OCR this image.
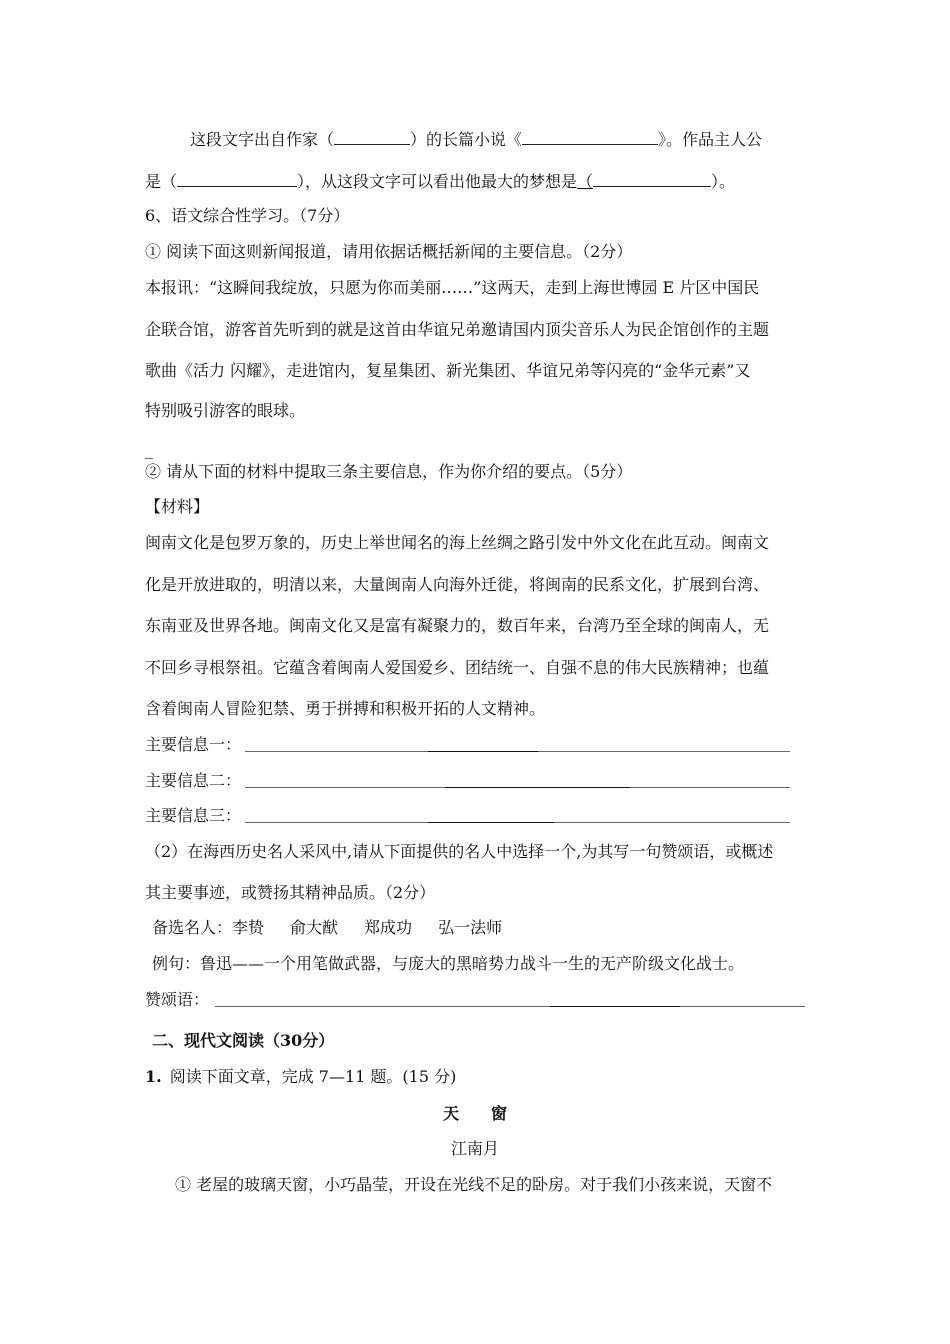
这段文字出自作家（	）的长篇小说《	》。作品主人公
是（	），从这段文字可以看出他最大的梦想是（	）。
6、语文综合性学习。（7分）
① 阅读下面这则新闻报道，请用依据话概括新闻的主要信息。（2分）
本报讯：“这瞬间我绽放，只愿为你而美丽……”这两天，走到上海世博园 E 片区中国民
企联合馆，游客首先听到的就是这首由华谊兄弟邀请国内顶尖音乐人为民企馆创作的主题
歌曲《活力 闪耀》，走进馆内，复星集团、新光集团、华谊兄弟等闪亮的“金华元素”又
特别吸引游客的眼球。
_
② 请从下面的材料中提取三条主要信息，作为你介绍的要点。（5分）
【材料】
闽南文化是包罗万象的，历史上举世闻名的海上丝绸之路引发中外文化在此互动。闽南文
化是开放进取的，明清以来，大量闽南人向海外迁徙，将闽南的民系文化，扩展到台湾、
东南亚及世界各地。闽南文化又是富有凝聚力的，数百年来，台湾乃至全球的闽南人，无
不回乡寻根祭祖。它蕴含着闽南人爱国爱乡、团结统一、自强不息的伟大民族精神；也蕴
含着闽南人冒险犯禁、勇于拼搏和积极开拓的人文精神。
主要信息一：
主要信息二：
主要信息三：
（2）在海西历史名人采风中,请从下面提供的名人中选择一个,为其写一句赞颂语，或概述
其主要事迹，或赞扬其精神品质。（2分）
备选名人：李贽 俞大猷 郑成功 弘一法师
例句：鲁迅——一个用笔做武器，与庞大的黑暗势力战斗一生的无产阶级文化战士。
赞颂语：
二、现代文阅读（30分）
1. 阅读下面文章，完成 7—11 题。(15 分)
天　　窗
江南月
① 老屋的玻璃天窗，小巧晶莹，开设在光线不足的卧房。对于我们小孩来说，天窗不
